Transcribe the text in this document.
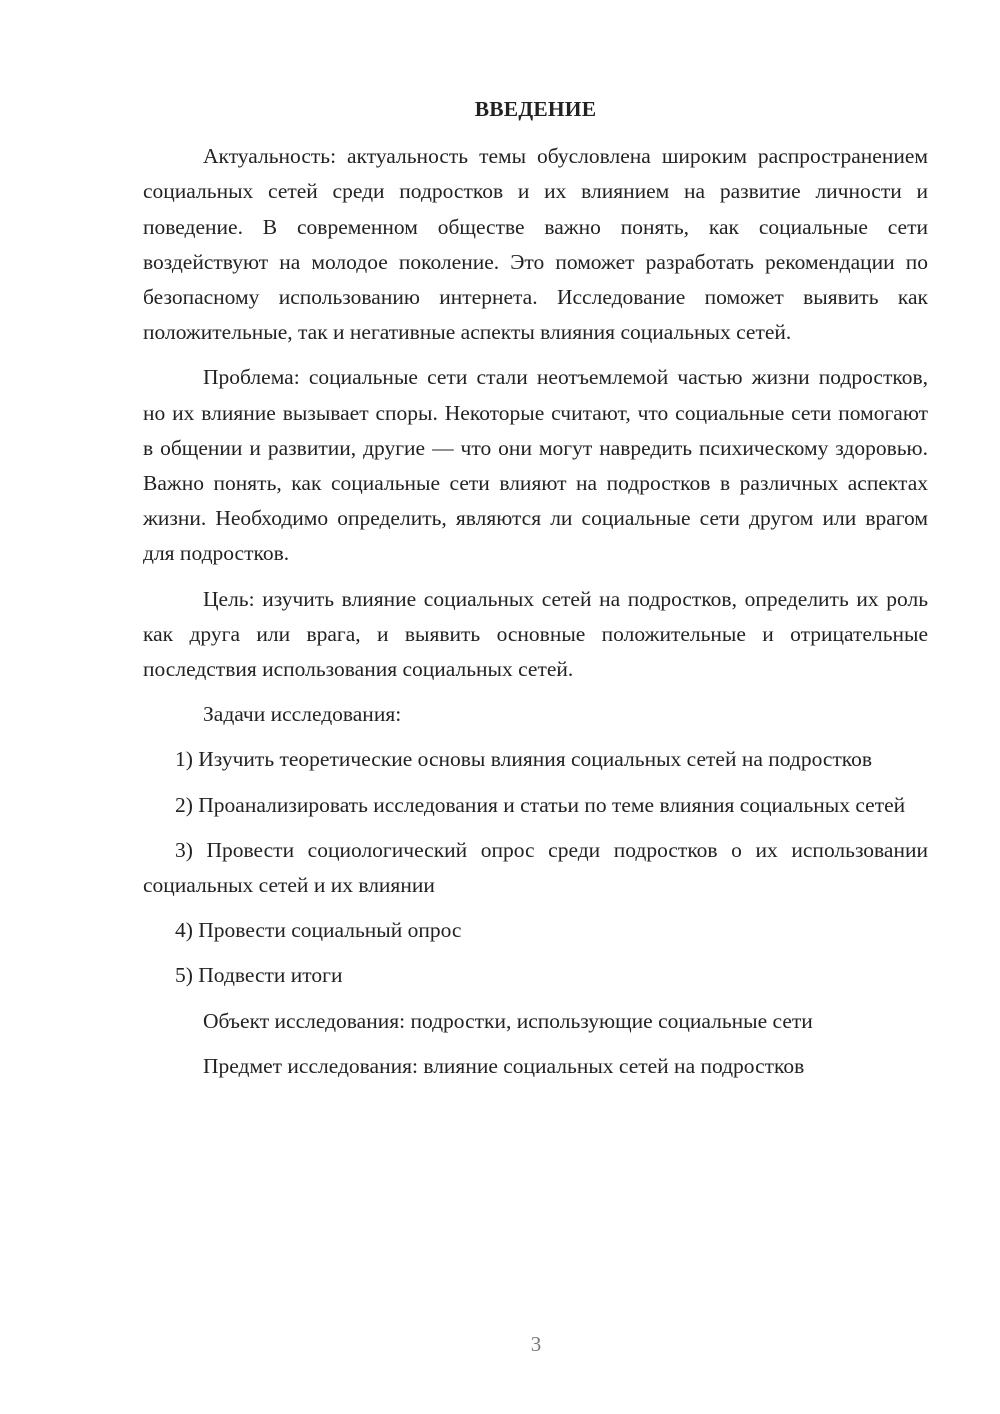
ВВЕДЕНИЕ

Актуальность: актуальность темы обусловлена широким распространением социальных сетей среди подростков и их влиянием на развитие личности и поведение. В современном обществе важно понять, как социальные сети воздействуют на молодое поколение. Это поможет разработать рекомендации по безопасному использованию интернета. Исследование поможет выявить как положительные, так и негативные аспекты влияния социальных сетей.

Проблема: социальные сети стали неотъемлемой частью жизни подростков, но их влияние вызывает споры. Некоторые считают, что социальные сети помогают в общении и развитии, другие — что они могут навредить психическому здоровью. Важно понять, как социальные сети влияют на подростков в различных аспектах жизни. Необходимо определить, являются ли социальные сети другом или врагом для подростков.

Цель: изучить влияние социальных сетей на подростков, определить их роль как друга или врага, и выявить основные положительные и отрицательные последствия использования социальных сетей.

Задачи исследования:

1) Изучить теоретические основы влияния социальных сетей на подростков

2) Проанализировать исследования и статьи по теме влияния социальных сетей

3) Провести социологический опрос среди подростков о их использовании социальных сетей и их влиянии

4) Провести социальный опрос

5) Подвести итоги

Объект исследования: подростки, использующие социальные сети

Предмет исследования: влияние социальных сетей на подростков

3
